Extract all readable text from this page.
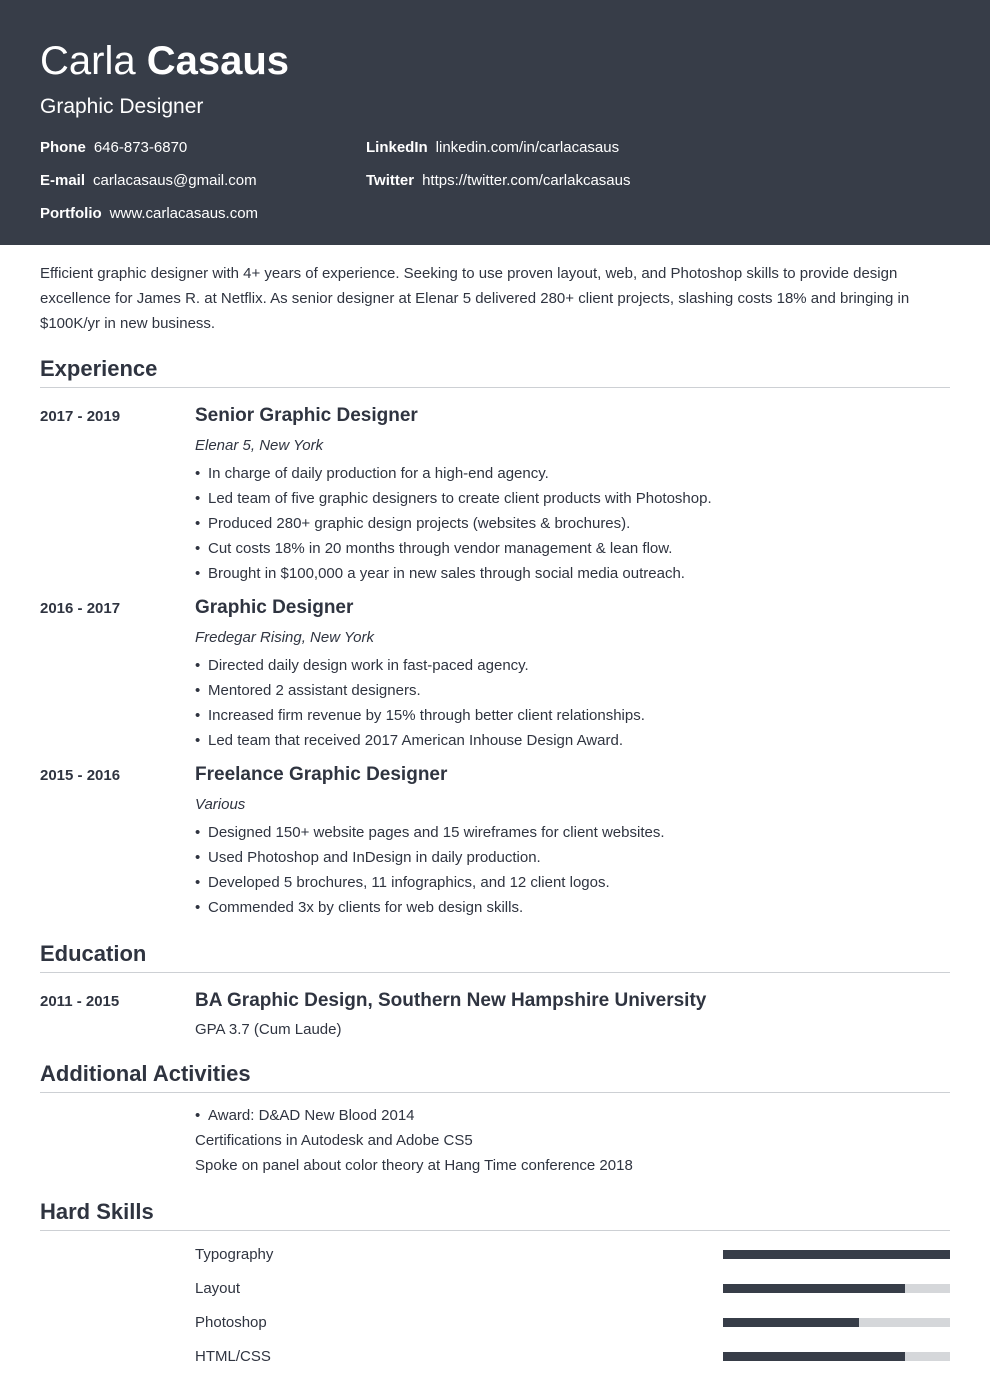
Carla Casaus
Graphic Designer
Phone 646-873-6870
E-mail carlacasaus@gmail.com
Portfolio www.carlacasaus.com
LinkedIn linkedin.com/in/carlacasaus
Twitter https://twitter.com/carlakcasaus
Efficient graphic designer with 4+ years of experience. Seeking to use proven layout, web, and Photoshop skills to provide design excellence for James R. at Netflix. As senior designer at Elenar 5 delivered 280+ client projects, slashing costs 18% and bringing in $100K/yr in new business.
Experience
2017 - 2019	Senior Graphic Designer
Elenar 5, New York
• In charge of daily production for a high-end agency.
• Led team of five graphic designers to create client products with Photoshop.
• Produced 280+ graphic design projects (websites & brochures).
• Cut costs 18% in 20 months through vendor management & lean flow.
• Brought in $100,000 a year in new sales through social media outreach.
2016 - 2017	Graphic Designer
Fredegar Rising, New York
• Directed daily design work in fast-paced agency.
• Mentored 2 assistant designers.
• Increased firm revenue by 15% through better client relationships.
• Led team that received 2017 American Inhouse Design Award.
2015 - 2016	Freelance Graphic Designer
Various
• Designed 150+ website pages and 15 wireframes for client websites.
• Used Photoshop and InDesign in daily production.
• Developed 5 brochures, 11 infographics, and 12 client logos.
• Commended 3x by clients for web design skills.
Education
2011 - 2015	BA Graphic Design, Southern New Hampshire University
GPA 3.7 (Cum Laude)
Additional Activities
• Award: D&AD New Blood 2014
Certifications in Autodesk and Adobe CS5
Spoke on panel about color theory at Hang Time conference 2018
Hard Skills
Typography
Layout
Photoshop
HTML/CSS
